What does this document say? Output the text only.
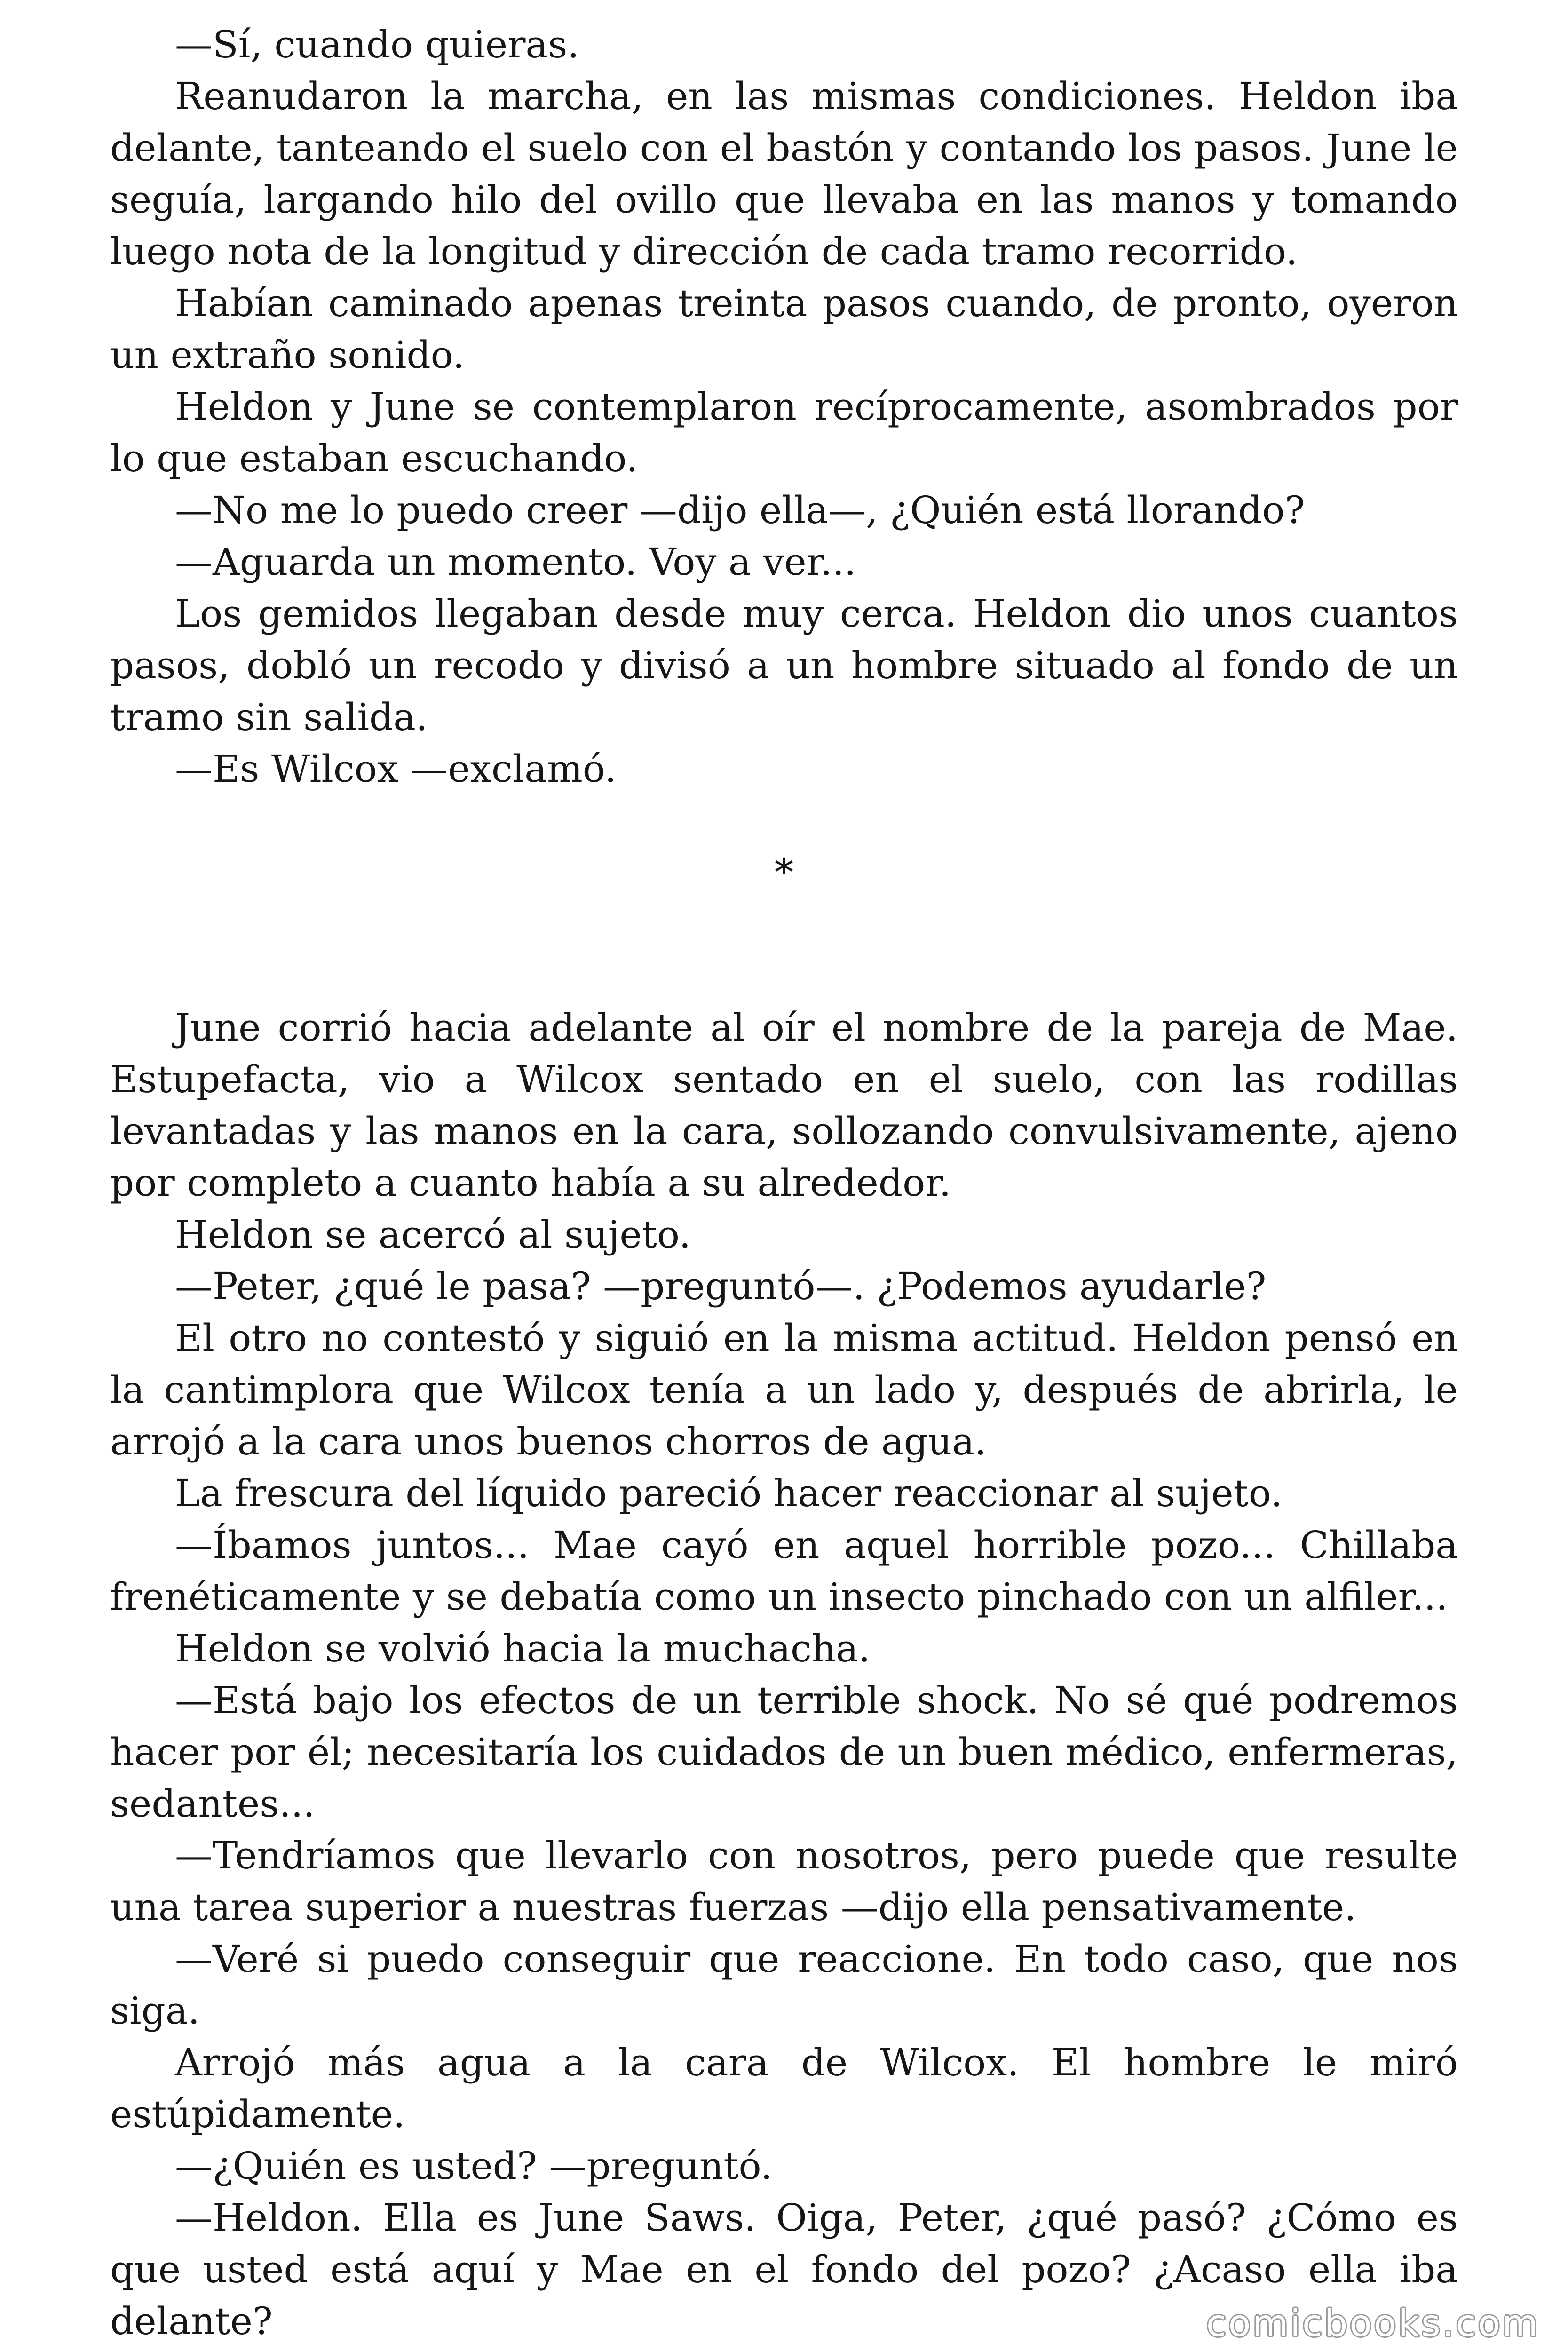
—Sí, cuando quieras.

Reanudaron la marcha, en las mismas condiciones. Heldon iba delante, tanteando el suelo con el bastón y contando los pasos. June le seguía, largando hilo del ovillo que llevaba en las manos y tomando luego nota de la longitud y dirección de cada tramo recorrido.

Habían caminado apenas treinta pasos cuando, de pronto, oyeron un extraño sonido.

Heldon y June se contemplaron recíprocamente, asombrados por lo que estaban escuchando.

—No me lo puedo creer —dijo ella—, ¿Quién está llorando?

—Aguarda un momento. Voy a ver...

Los gemidos llegaban desde muy cerca. Heldon dio unos cuantos pasos, dobló un recodo y divisó a un hombre situado al fondo de un tramo sin salida.

—Es Wilcox —exclamó.

*

June corrió hacia adelante al oír el nombre de la pareja de Mae. Estupefacta, vio a Wilcox sentado en el suelo, con las rodillas levantadas y las manos en la cara, sollozando convulsivamente, ajeno por completo a cuanto había a su alrededor.

Heldon se acercó al sujeto.

—Peter, ¿qué le pasa? —preguntó—. ¿Podemos ayudarle?

El otro no contestó y siguió en la misma actitud. Heldon pensó en la cantimplora que Wilcox tenía a un lado y, después de abrirla, le arrojó a la cara unos buenos chorros de agua.

La frescura del líquido pareció hacer reaccionar al sujeto.

—Íbamos juntos... Mae cayó en aquel horrible pozo... Chillaba frenéticamente y se debatía como un insecto pinchado con un alfiler...

Heldon se volvió hacia la muchacha.

—Está bajo los efectos de un terrible shock. No sé qué podremos hacer por él; necesitaría los cuidados de un buen médico, enfermeras, sedantes...

—Tendríamos que llevarlo con nosotros, pero puede que resulte una tarea superior a nuestras fuerzas —dijo ella pensativamente.

—Veré si puedo conseguir que reaccione. En todo caso, que nos siga.

Arrojó más agua a la cara de Wilcox. El hombre le miró estúpidamente.

—¿Quién es usted? —preguntó.

—Heldon. Ella es June Saws. Oiga, Peter, ¿qué pasó? ¿Cómo es que usted está aquí y Mae en el fondo del pozo? ¿Acaso ella iba delante?	comicbooks.com
